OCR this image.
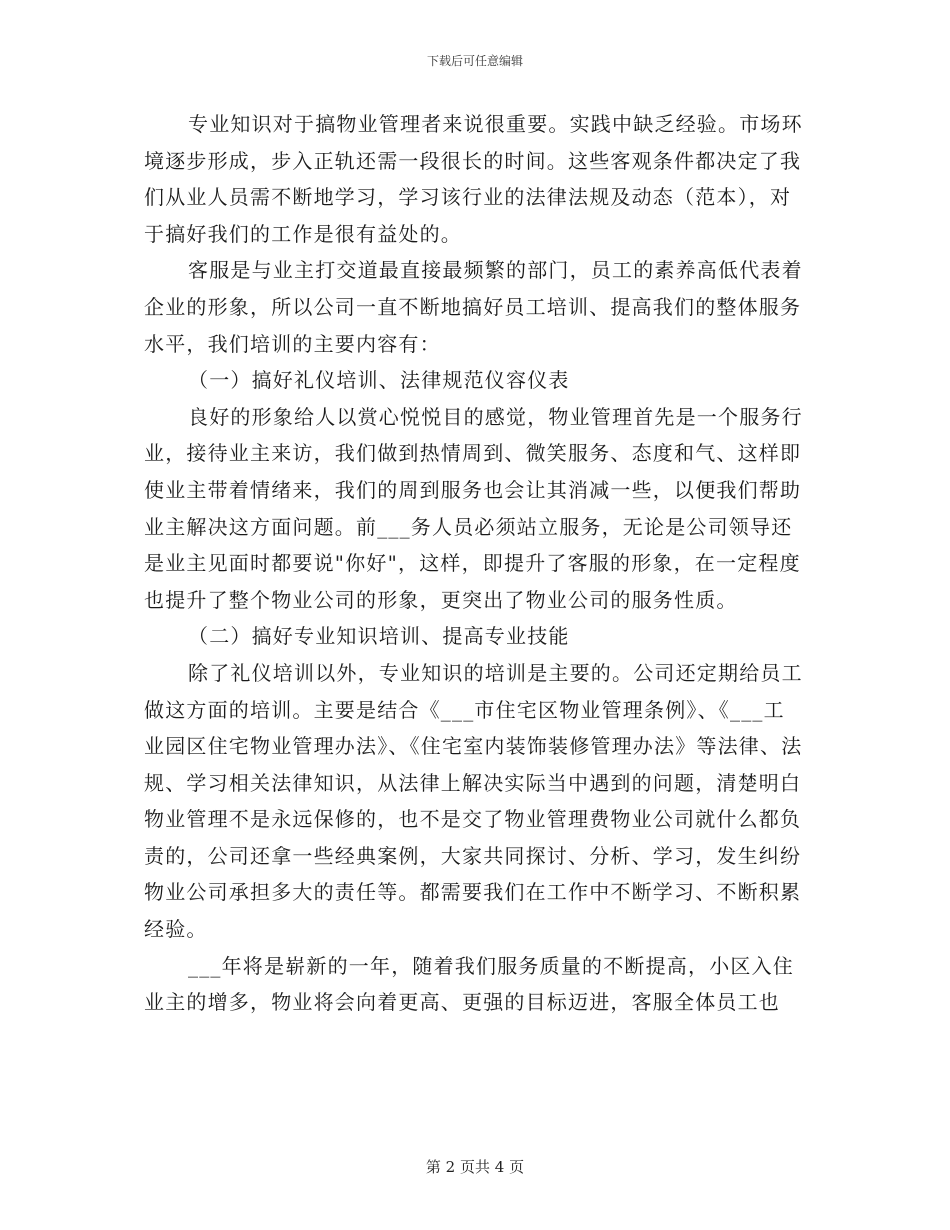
下载后可任意编辑

专业知识对于搞物业管理者来说很重要。实践中缺乏经验。市场环境逐步形成，步入正轨还需一段很长的时间。这些客观条件都决定了我们从业人员需不断地学习，学习该行业的法律法规及动态（范本），对于搞好我们的工作是很有益处的。

客服是与业主打交道最直接最频繁的部门，员工的素养高低代表着企业的形象，所以公司一直不断地搞好员工培训、提高我们的整体服务水平，我们培训的主要内容有：

（一）搞好礼仪培训、法律规范仪容仪表

良好的形象给人以赏心悦悦目的感觉，物业管理首先是一个服务行业，接待业主来访，我们做到热情周到、微笑服务、态度和气、这样即使业主带着情绪来，我们的周到服务也会让其消减一些，以便我们帮助业主解决这方面问题。前___务人员必须站立服务，无论是公司领导还是业主见面时都要说"你好"，这样，即提升了客服的形象，在一定程度也提升了整个物业公司的形象，更突出了物业公司的服务性质。

（二）搞好专业知识培训、提高专业技能

除了礼仪培训以外，专业知识的培训是主要的。公司还定期给员工做这方面的培训。主要是结合《___市住宅区物业管理条例》、《___工业园区住宅物业管理办法》、《住宅室内装饰装修管理办法》等法律、法规、学习相关法律知识，从法律上解决实际当中遇到的问题，清楚明白物业管理不是永远保修的，也不是交了物业管理费物业公司就什么都负责的，公司还拿一些经典案例，大家共同探讨、分析、学习，发生纠纷物业公司承担多大的责任等。都需要我们在工作中不断学习、不断积累经验。

___年将是崭新的一年，随着我们服务质量的不断提高，小区入住业主的增多，物业将会向着更高、更强的目标迈进，客服全体员工也

第 2 页共 4 页
